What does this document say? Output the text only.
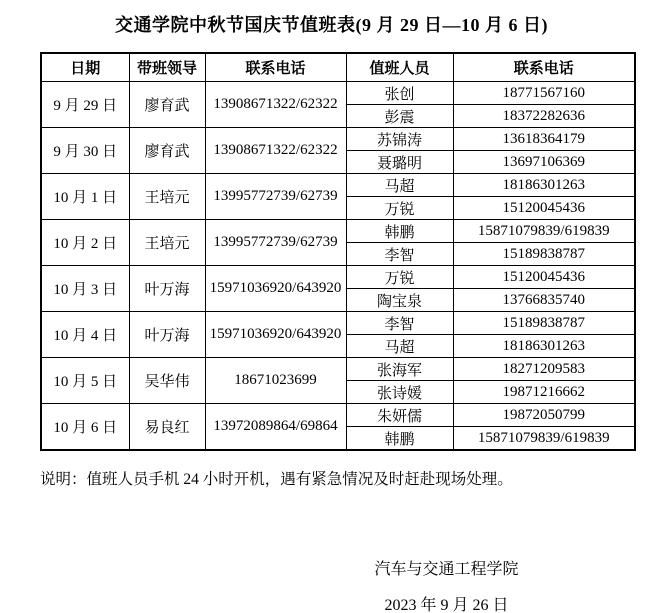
交通学院中秋节国庆节值班表(9 月 29 日—10 月 6 日)
日期	带班领导	联系电话	值班人员	联系电话
9 月 29 日	廖育武	13908671322/62322	张创	18771567160
			彭震	18372282636
9 月 30 日	廖育武	13908671322/62322	苏锦涛	13618364179
			聂璐明	13697106369
10 月 1 日	王培元	13995772739/62739	马超	18186301263
			万锐	15120045436
10 月 2 日	王培元	13995772739/62739	韩鹏	15871079839/619839
			李智	15189838787
10 月 3 日	叶万海	15971036920/643920	万锐	15120045436
			陶宝泉	13766835740
10 月 4 日	叶万海	15971036920/643920	李智	15189838787
			马超	18186301263
10 月 5 日	吴华伟	18671023699	张海军	18271209583
			张诗媛	19871216662
10 月 6 日	易良红	13972089864/69864	朱妍儒	19872050799
			韩鹏	15871079839/619839
说明：值班人员手机 24 小时开机，遇有紧急情况及时赶赴现场处理。
汽车与交通工程学院
2023 年 9 月 26 日
